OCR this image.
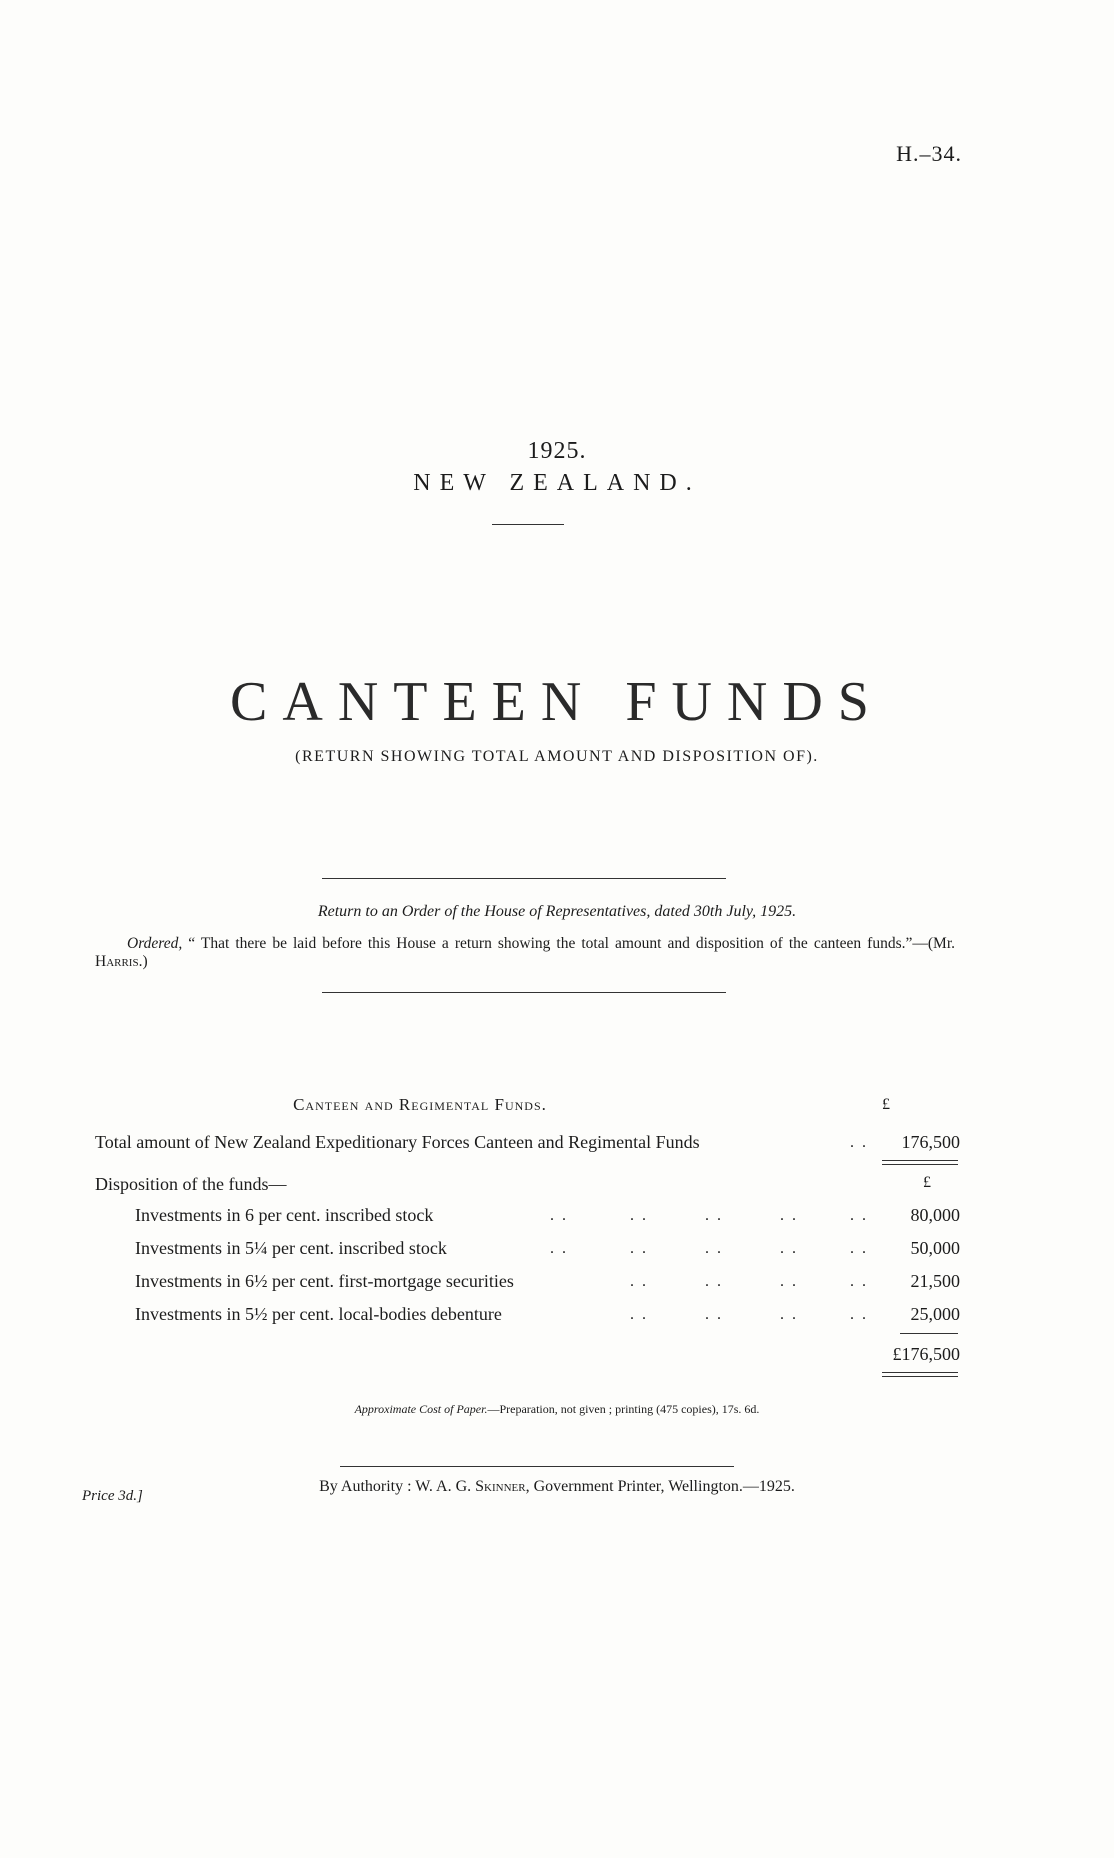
H.–34.
1925.
NEW ZEALAND.
CANTEEN FUNDS
(RETURN SHOWING TOTAL AMOUNT AND DISPOSITION OF).
Return to an Order of the House of Representatives, dated 30th July, 1925.
Ordered, “ That there be laid before this House a return showing the total amount and disposition of the canteen funds.”—(Mr. Harris.)
Canteen and Regimental Funds.	£
Total amount of New Zealand Expeditionary Forces Canteen and Regimental Funds	. .	176,500
Disposition of the funds—	£
Investments in 6 per cent. inscribed stock	. .	. .	. .	. .	. .	80,000
Investments in 5¼ per cent. inscribed stock	. .	. .	. .	. .	. .	50,000
Investments in 6½ per cent. first-mortgage securities	. .	. .	. .	. .	21,500
Investments in 5½ per cent. local-bodies debenture	. .	. .	. .	. .	25,000
£176,500
Approximate Cost of Paper.—Preparation, not given ; printing (475 copies), 17s. 6d.
By Authority : W. A. G. Skinner, Government Printer, Wellington.—1925.
Price 3d.]
